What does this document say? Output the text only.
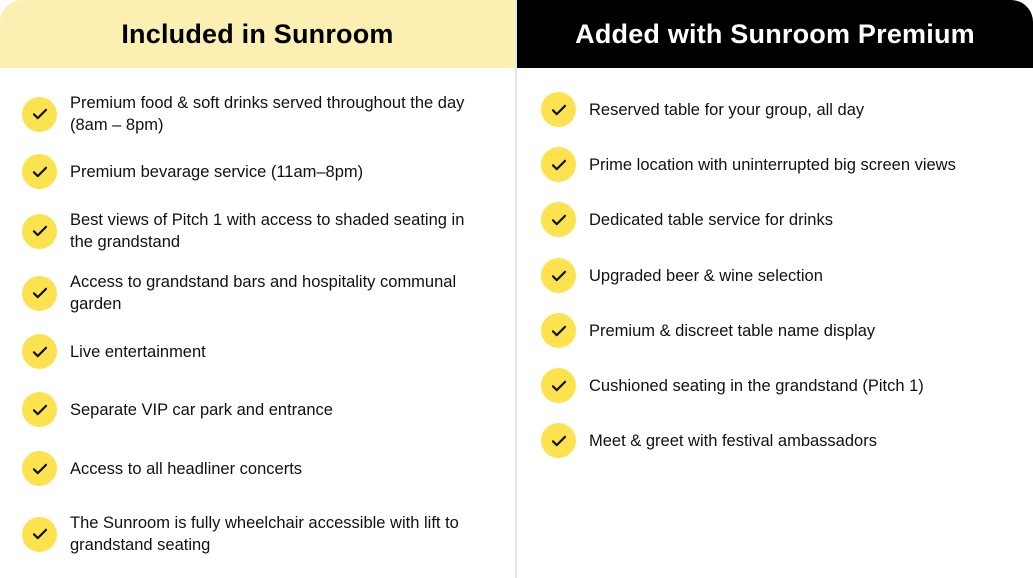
Included in Sunroom
Premium food & soft drinks served throughout the day (8am – 8pm)
Premium bevarage service (11am–8pm)
Best views of Pitch 1 with access to shaded seating in the grandstand
Access to grandstand bars and hospitality communal garden
Live entertainment
Separate VIP car park and entrance
Access to all headliner concerts
The Sunroom is fully wheelchair accessible with lift to grandstand seating
Added with Sunroom Premium
Reserved table for your group, all day
Prime location with uninterrupted big screen views
Dedicated table service for drinks
Upgraded beer & wine selection
Premium & discreet table name display
Cushioned seating in the grandstand (Pitch 1)
Meet & greet with festival ambassadors
